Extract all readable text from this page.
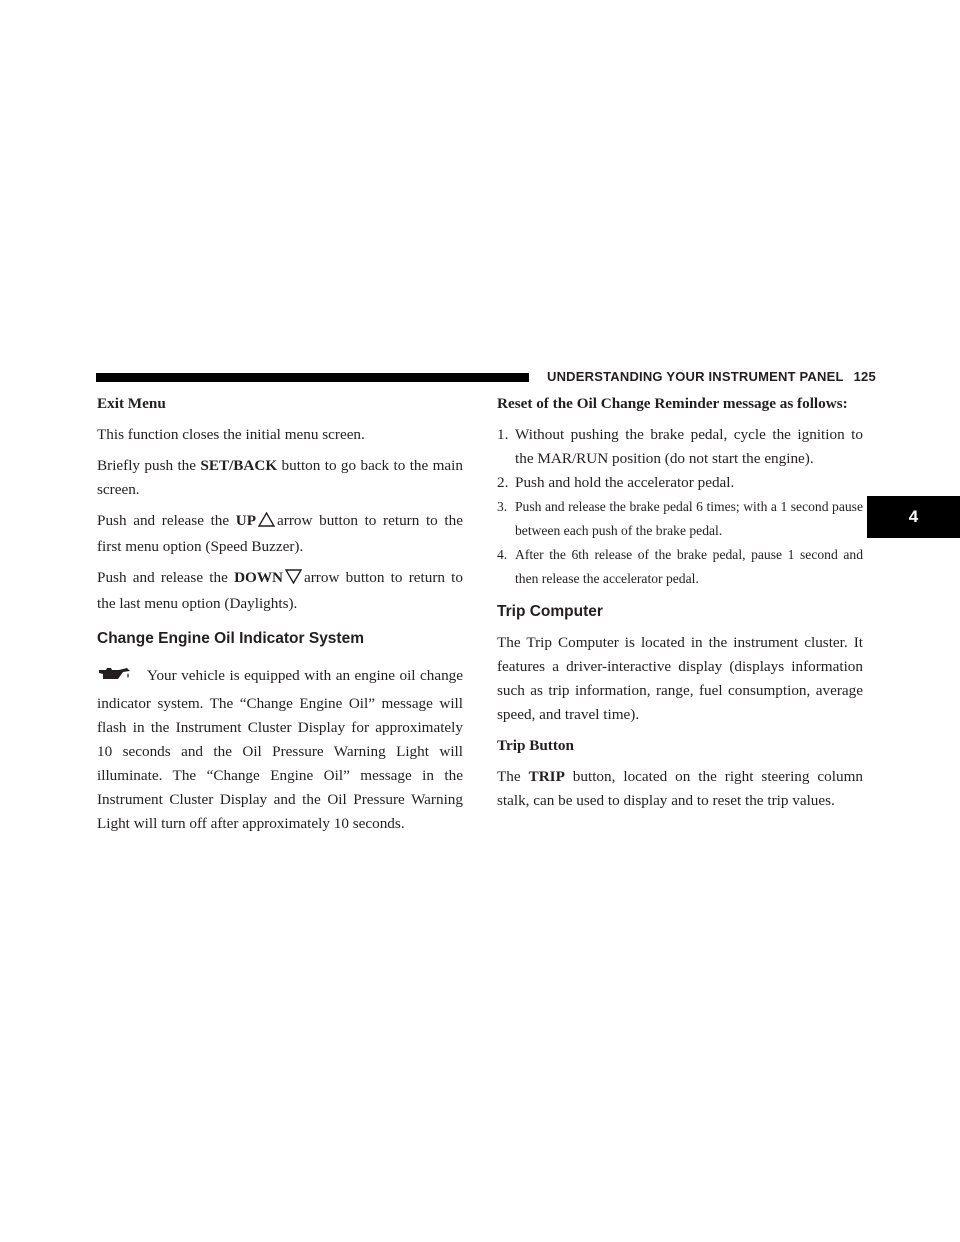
UNDERSTANDING YOUR INSTRUMENT PANEL 125
4

Exit Menu

This function closes the initial menu screen.

Briefly push the SET/BACK button to go back to the main screen.

Push and release the UP arrow button to return to the first menu option (Speed Buzzer).

Push and release the DOWN arrow button to return to the last menu option (Daylights).

Change Engine Oil Indicator System

Your vehicle is equipped with an engine oil change indicator system. The “Change Engine Oil” message will flash in the Instrument Cluster Display for approximately 10 seconds and the Oil Pressure Warning Light will illuminate. The “Change Engine Oil” message in the Instrument Cluster Display and the Oil Pressure Warning Light will turn off after approximately 10 seconds.

Reset of the Oil Change Reminder message as follows:

1. Without pushing the brake pedal, cycle the ignition to the MAR/RUN position (do not start the engine).

2. Push and hold the accelerator pedal.

3. Push and release the brake pedal 6 times; with a 1 second pause between each push of the brake pedal.

4. After the 6th release of the brake pedal, pause 1 second and then release the accelerator pedal.

Trip Computer

The Trip Computer is located in the instrument cluster. It features a driver-interactive display (displays information such as trip information, range, fuel consumption, average speed, and travel time).

Trip Button

The TRIP button, located on the right steering column stalk, can be used to display and to reset the trip values.
